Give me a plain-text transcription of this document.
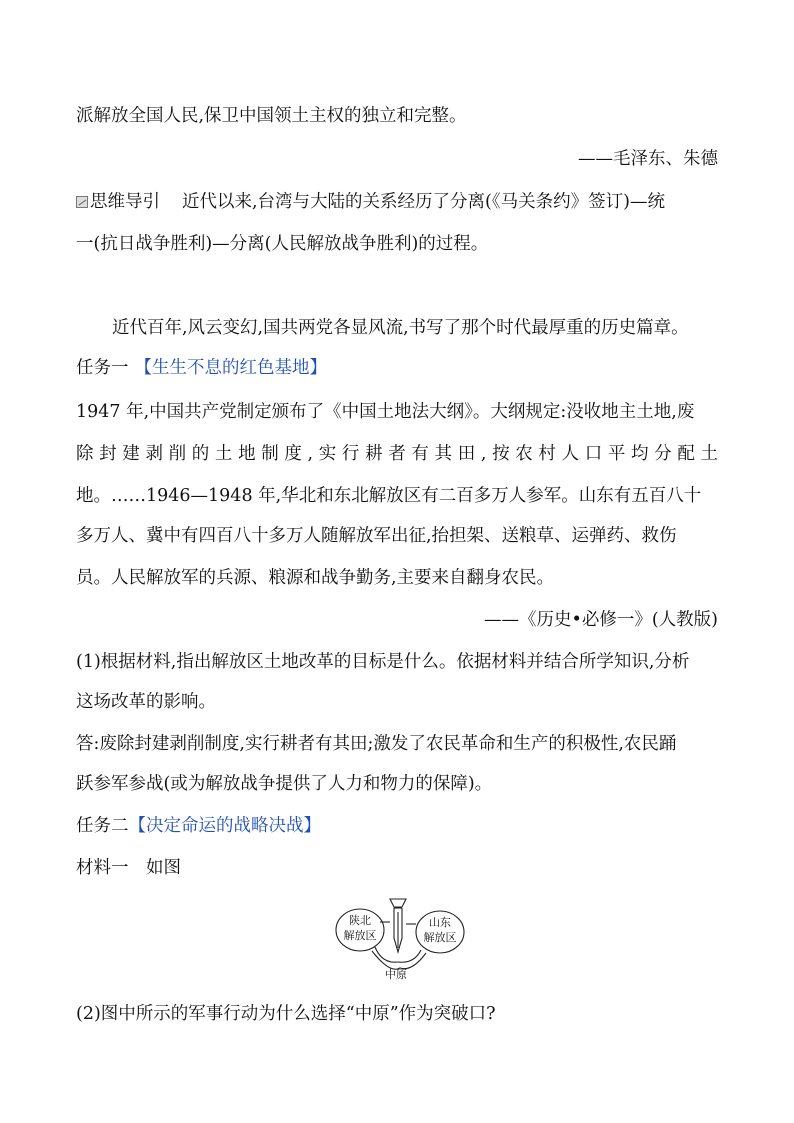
派解放全国人民,保卫中国领土主权的独立和完整。
——毛泽东、朱德
思维导引 近代以来,台湾与大陆的关系经历了分离(《马关条约》签订)—统
一(抗日战争胜利)—分离(人民解放战争胜利)的过程。
近代百年,风云变幻,国共两党各显风流,书写了那个时代最厚重的历史篇章。
任务一 【生生不息的红色基地】
1947 年,中国共产党制定颁布了《中国土地法大纲》。大纲规定:没收地主土地,废
除封建剥削的土地制度,实行耕者有其田,按农村人口平均分配土
地。……1946—1948 年,华北和东北解放区有二百多万人参军。山东有五百八十
多万人、冀中有四百八十多万人随解放军出征,抬担架、送粮草、运弹药、救伤
员。人民解放军的兵源、粮源和战争勤务,主要来自翻身农民。
——《历史•必修一》(人教版)
(1)根据材料,指出解放区土地改革的目标是什么。依据材料并结合所学知识,分析
这场改革的影响。
答:废除封建剥削制度,实行耕者有其田;激发了农民革命和生产的积极性,农民踊
跃参军参战(或为解放战争提供了人力和物力的保障)。
任务二【决定命运的战略决战】
材料一　如图
陕北
解放区
山东
解放区
中原
(2)图中所示的军事行动为什么选择“中原”作为突破口?
